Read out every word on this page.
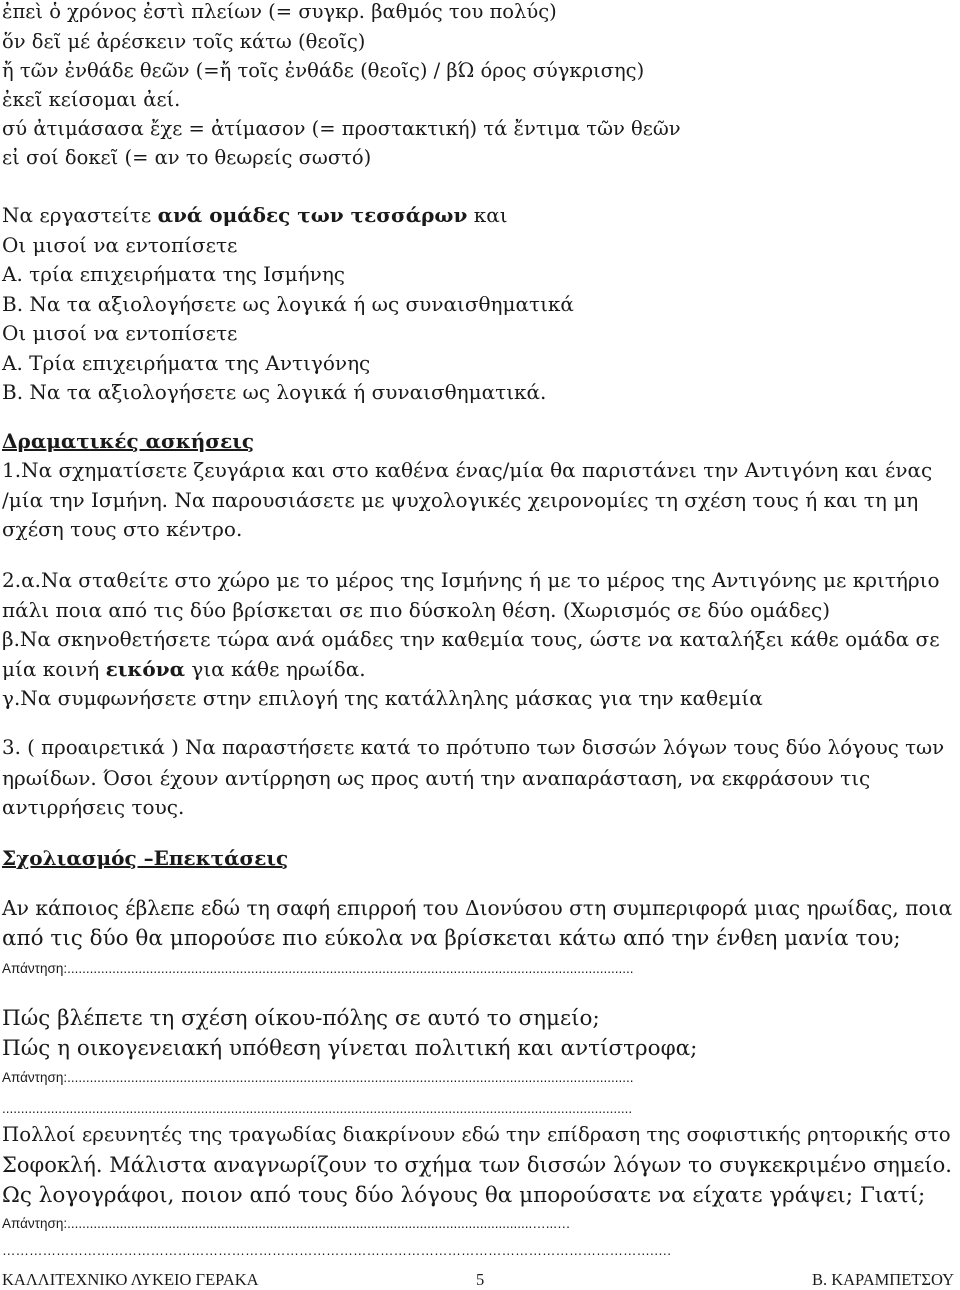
ἐπεὶ ὁ χρόνος ἐστὶ πλείων (= συγκρ. βαθμός του πολύς)
ὅν δεῖ μέ ἀρέσκειν τοῖς κάτω (θεοῖς)
ἤ τῶν ἐνθάδε θεῶν (=ἤ τοῖς ἐνθάδε (θεοῖς) / βΏ όρος σύγκρισης)
ἐκεῖ κείσομαι ἀεί.
σύ ἀτιμάσασα ἔχε = ἀτίμασον (= προστακτική) τά ἔντιμα τῶν θεῶν
εἰ σοί δοκεῖ (= αν το θεωρείς σωστό)
Να εργαστείτε ανά ομάδες των τεσσάρων και
Οι μισοί να εντοπίσετε
Α. τρία επιχειρήματα της Ισμήνης
Β. Να τα αξιολογήσετε ως λογικά ή ως συναισθηματικά
Οι μισοί να εντοπίσετε
Α. Τρία επιχειρήματα της Αντιγόνης
Β. Να τα αξιολογήσετε ως λογικά ή συναισθηματικά.
Δραματικές ασκήσεις
1.Να σχηματίσετε ζευγάρια και στο καθένα ένας/μία θα παριστάνει την Αντιγόνη και ένας
/μία την Ισμήνη. Να παρουσιάσετε με ψυχολογικές χειρονομίες τη σχέση τους ή και τη μη
σχέση τους στο κέντρο.
2.α.Να σταθείτε στο χώρο με το μέρος της Ισμήνης ή με το μέρος της Αντιγόνης με κριτήριο
πάλι ποια από τις δύο βρίσκεται σε πιο δύσκολη θέση. (Χωρισμός σε δύο ομάδες)
β.Να σκηνοθετήσετε τώρα ανά ομάδες την καθεμία τους, ώστε να καταλήξει κάθε ομάδα σε
μία κοινή εικόνα για κάθε ηρωίδα.
γ.Να συμφωνήσετε στην επιλογή της κατάλληλης μάσκας για την καθεμία
3. ( προαιρετικά ) Να παραστήσετε κατά το πρότυπο των δισσών λόγων τους δύο λόγους των
ηρωίδων. Όσοι έχουν αντίρρηση ως προς αυτή την αναπαράσταση, να εκφράσουν τις
αντιρρήσεις τους.
Σχολιασμός –Επεκτάσεις
Αν κάποιος έβλεπε εδώ τη σαφή επιρροή του Διονύσου στη συμπεριφορά μιας ηρωίδας, ποια
από τις δύο θα μπορούσε πιο εύκολα να βρίσκεται κάτω από την ένθεη μανία του;
Απάντηση:.......................................................................................................................................................
Πώς βλέπετε τη σχέση οίκου-πόλης σε αυτό το σημείο;
Πώς η οικογενειακή υπόθεση γίνεται πολιτική και αντίστροφα;
Απάντηση:.......................................................................................................................................................
........................................................................................................................................................................
Πολλοί ερευνητές της τραγωδίας διακρίνουν εδώ την επίδραση της σοφιστικής ρητορικής στο
Σοφοκλή. Μάλιστα αναγνωρίζουν το σχήμα των δισσών λόγων το συγκεκριμένο σημείο.
Ως λογογράφοι, ποιον από τους δύο λόγους θα μπορούσατε να είχατε γράψει; Γιατί;
Απάντηση:............................................................................................................................…...…
……………………………………………………………………………………………………………………………….….
ΚΑΛΛΙΤΕΧΝΙΚΟ ΛΥΚΕΙΟ ΓΕΡΑΚΑ	5	Β. ΚΑΡΑΜΠΕΤΣΟΥ
